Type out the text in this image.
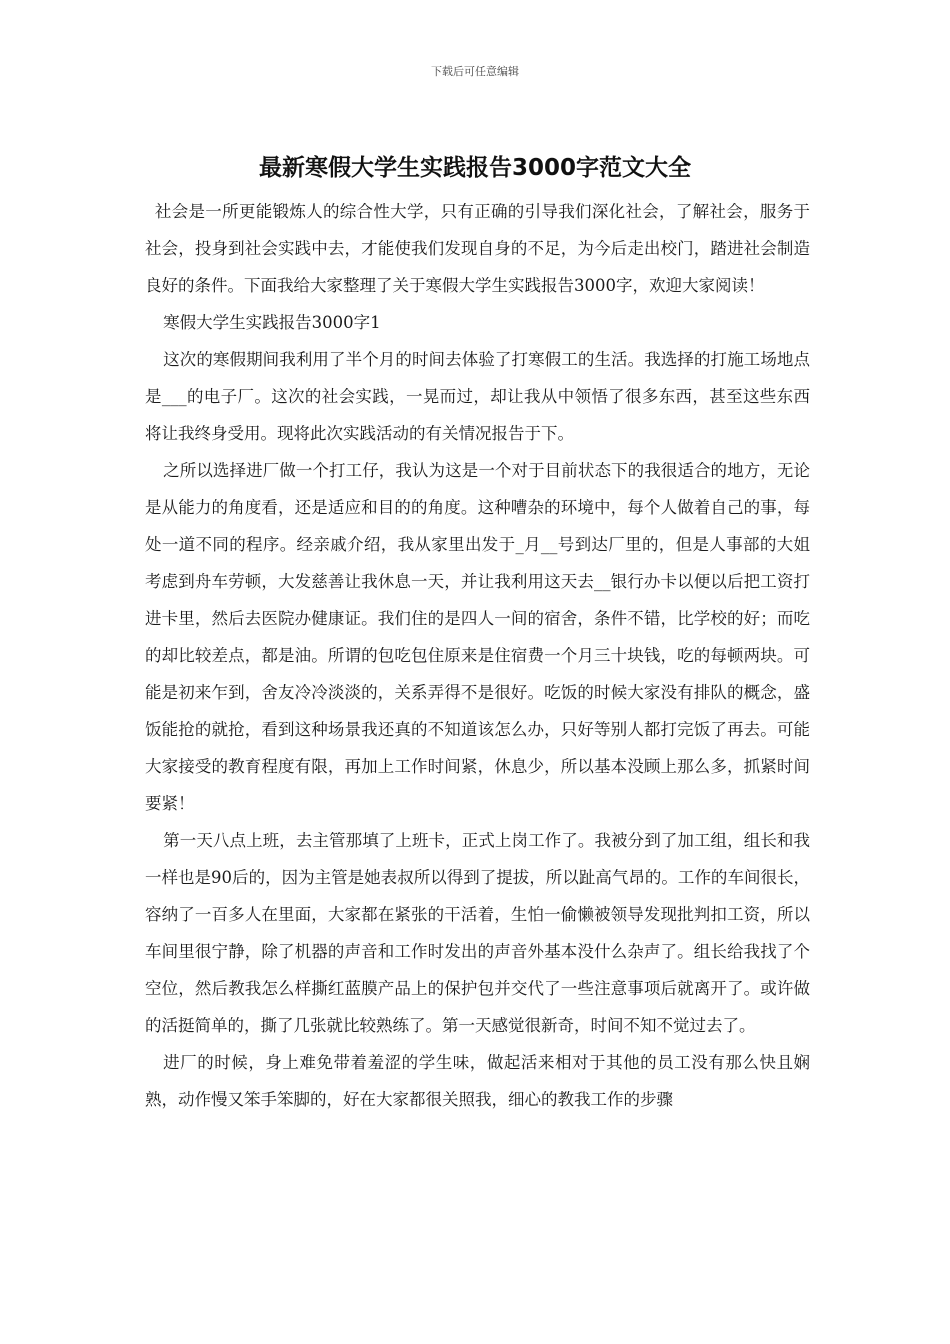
下载后可任意编辑
最新寒假大学生实践报告3000字范文大全

社会是一所更能锻炼人的综合性大学，只有正确的引导我们深化社会，了解社会，服务于社会，投身到社会实践中去，才能使我们发现自身的不足，为今后走出校门，踏进社会制造良好的条件。下面我给大家整理了关于寒假大学生实践报告3000字，欢迎大家阅读！

寒假大学生实践报告3000字1

这次的寒假期间我利用了半个月的时间去体验了打寒假工的生活。我选择的打施工场地点是___的电子厂。这次的社会实践，一晃而过，却让我从中领悟了很多东西，甚至这些东西将让我终身受用。现将此次实践活动的有关情况报告于下。

之所以选择进厂做一个打工仔，我认为这是一个对于目前状态下的我很适合的地方，无论是从能力的角度看，还是适应和目的的角度。这种嘈杂的环境中，每个人做着自己的事，每处一道不同的程序。经亲戚介绍，我从家里出发于_月__号到达厂里的，但是人事部的大姐考虑到舟车劳顿，大发慈善让我休息一天，并让我利用这天去__银行办卡以便以后把工资打进卡里，然后去医院办健康证。我们住的是四人一间的宿舍，条件不错，比学校的好；而吃的却比较差点，都是油。所谓的包吃包住原来是住宿费一个月三十块钱，吃的每顿两块。可能是初来乍到，舍友冷冷淡淡的，关系弄得不是很好。吃饭的时候大家没有排队的概念，盛饭能抢的就抢，看到这种场景我还真的不知道该怎么办，只好等别人都打完饭了再去。可能大家接受的教育程度有限，再加上工作时间紧，休息少，所以基本没顾上那么多，抓紧时间要紧！

第一天八点上班，去主管那填了上班卡，正式上岗工作了。我被分到了加工组，组长和我一样也是90后的，因为主管是她表叔所以得到了提拔，所以趾高气昂的。工作的车间很长，容纳了一百多人在里面，大家都在紧张的干活着，生怕一偷懒被领导发现批判扣工资，所以车间里很宁静，除了机器的声音和工作时发出的声音外基本没什么杂声了。组长给我找了个空位，然后教我怎么样撕红蓝膜产品上的保护包并交代了一些注意事项后就离开了。或许做的活挺简单的，撕了几张就比较熟练了。第一天感觉很新奇，时间不知不觉过去了。

进厂的时候，身上难免带着羞涩的学生味，做起活来相对于其他的员工没有那么快且娴熟，动作慢又笨手笨脚的，好在大家都很关照我，细心的教我工作的步骤
